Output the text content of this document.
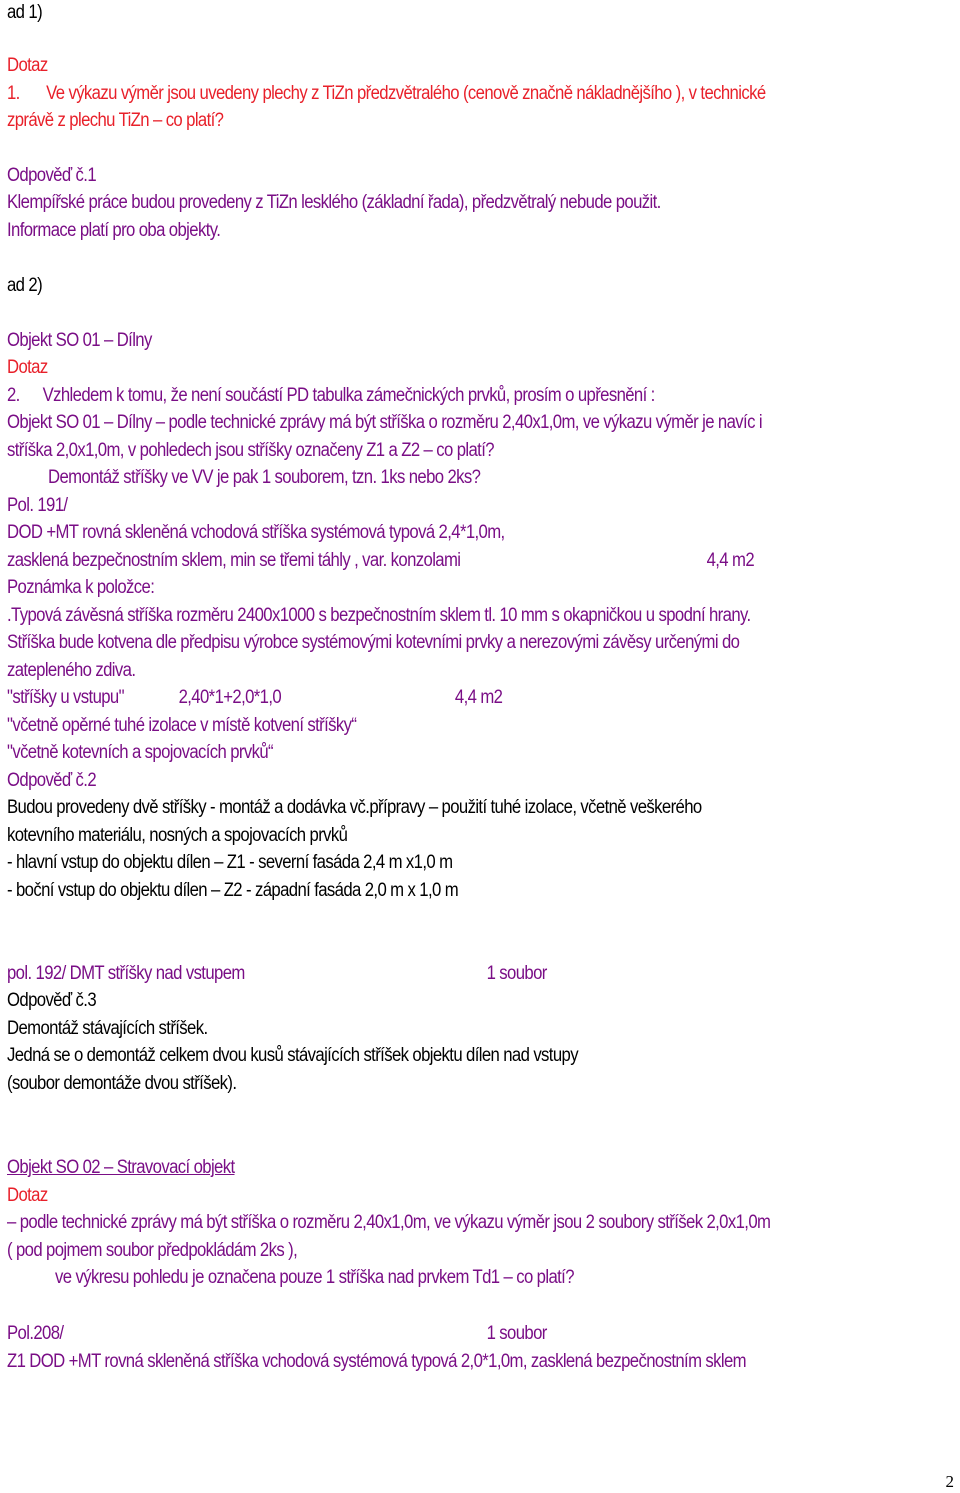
ad 1)
Dotaz
1. Ve výkazu výměr jsou uvedeny plechy z TiZn předzvětralého (cenově značně nákladnějšího ), v technické
zprávě z plechu TiZn – co platí?
Odpověď č.1
Klempířské práce budou provedeny z TiZn lesklého (základní řada), předzvětralý nebude použit.
Informace platí pro oba objekty.
ad 2)
Objekt SO 01 – Dílny
Dotaz
2. Vzhledem k tomu, že není součástí PD tabulka zámečnických prvků, prosím o upřesnění :
Objekt SO 01 – Dílny – podle technické zprávy má být stříška o rozměru 2,40x1,0m, ve výkazu výměr je navíc i
stříška 2,0x1,0m, v pohledech jsou stříšky označeny Z1 a Z2 – co platí?
Demontáž stříšky ve VV je pak 1 souborem, tzn. 1ks nebo 2ks?
Pol. 191/
DOD +MT rovná skleněná vchodová stříška systémová typová 2,4*1,0m,
zasklená bezpečnostním sklem, min se třemi táhly , var. konzolami	4,4 m2
Poznámka k položce:
.Typová závěsná stříška rozměru 2400x1000 s bezpečnostním sklem tl. 10 mm s okapničkou u spodní hrany.
Stříška bude kotvena dle předpisu výrobce systémovými kotevními prvky a nerezovými závěsy určenými do
zatepleného zdiva.
"stříšky u vstupu"	2,40*1+2,0*1,0	4,4 m2
"včetně opěrné tuhé izolace v místě kotvení stříšky“
"včetně kotevních a spojovacích prvků“
Odpověď č.2
Budou provedeny dvě stříšky - montáž a dodávka vč.přípravy – použití tuhé izolace, včetně veškerého
kotevního materiálu, nosných a spojovacích prvků
- hlavní vstup do objektu dílen – Z1 - severní fasáda 2,4 m x1,0 m
- boční vstup do objektu dílen – Z2 - západní fasáda 2,0 m x 1,0 m
pol. 192/ DMT stříšky nad vstupem	1 soubor
Odpověď č.3
Demontáž stávajících stříšek.
Jedná se o demontáž celkem dvou kusů stávajících stříšek objektu dílen nad vstupy
(soubor demontáže dvou stříšek).
Objekt SO 02 – Stravovací objekt
Dotaz
– podle technické zprávy má být stříška o rozměru 2,40x1,0m, ve výkazu výměr jsou 2 soubory stříšek 2,0x1,0m
( pod pojmem soubor předpokládám 2ks ),
ve výkresu pohledu je označena pouze 1 stříška nad prvkem Td1 – co platí?
Pol.208/	1 soubor
Z1 DOD +MT rovná skleněná stříška vchodová systémová typová 2,0*1,0m, zasklená bezpečnostním sklem
2
